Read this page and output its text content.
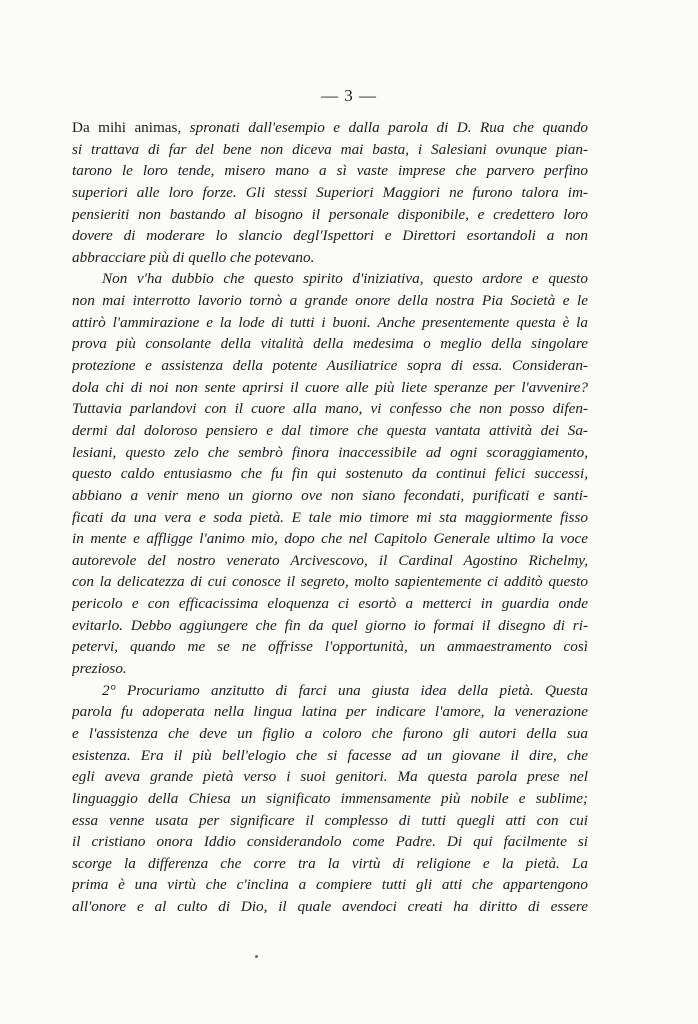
— 3 —
Da mihi animas, spronati dall'esempio e dalla parola di D. Rua che quando
si trattava di far del bene non diceva mai basta, i Salesiani ovunque pian-
tarono le loro tende, misero mano a sì vaste imprese che parvero perfino
superiori alle loro forze. Gli stessi Superiori Maggiori ne furono talora im-
pensieriti non bastando al bisogno il personale disponibile, e credettero loro
dovere di moderare lo slancio degl'Ispettori e Direttori esortandoli a non
abbracciare più di quello che potevano.
Non v'ha dubbio che questo spirito d'iniziativa, questo ardore e questo
non mai interrotto lavorio tornò a grande onore della nostra Pia Società e le
attirò l'ammirazione e la lode di tutti i buoni. Anche presentemente questa è la
prova più consolante della vitalità della medesima o meglio della singolare
protezione e assistenza della potente Ausiliatrice sopra di essa. Consideran-
dola chi di noi non sente aprirsi il cuore alle più liete speranze per l'avvenire?
Tuttavia parlandovi con il cuore alla mano, vi confesso che non posso difen-
dermi dal doloroso pensiero e dal timore che questa vantata attività dei Sa-
lesiani, questo zelo che sembrò finora inaccessibile ad ogni scoraggiamento,
questo caldo entusiasmo che fu fin qui sostenuto da continui felici successi,
abbiano a venir meno un giorno ove non siano fecondati, purificati e santi-
ficati da una vera e soda pietà. E tale mio timore mi sta maggiormente fisso
in mente e affligge l'animo mio, dopo che nel Capitolo Generale ultimo la voce
autorevole del nostro venerato Arcivescovo, il Cardinal Agostino Richelmy,
con la delicatezza di cui conosce il segreto, molto sapientemente ci additò questo
pericolo e con efficacissima eloquenza ci esortò a metterci in guardia onde
evitarlo. Debbo aggiungere che fin da quel giorno io formai il disegno di ri-
petervi, quando me se ne offrisse l'opportunità, un ammaestramento così
prezioso.
2° Procuriamo anzitutto di farci una giusta idea della pietà. Questa
parola fu adoperata nella lingua latina per indicare l'amore, la venerazione
e l'assistenza che deve un figlio a coloro che furono gli autori della sua
esistenza. Era il più bell'elogio che si facesse ad un giovane il dire, che
egli aveva grande pietà verso i suoi genitori. Ma questa parola prese nel
linguaggio della Chiesa un significato immensamente più nobile e sublime;
essa venne usata per significare il complesso di tutti quegli atti con cui
il cristiano onora Iddio considerandolo come Padre. Di qui facilmente si
scorge la differenza che corre tra la virtù di religione e la pietà. La
prima è una virtù che c'inclina a compiere tutti gli atti che appartengono
all'onore e al culto di Dio, il quale avendoci creati ha diritto di essere
